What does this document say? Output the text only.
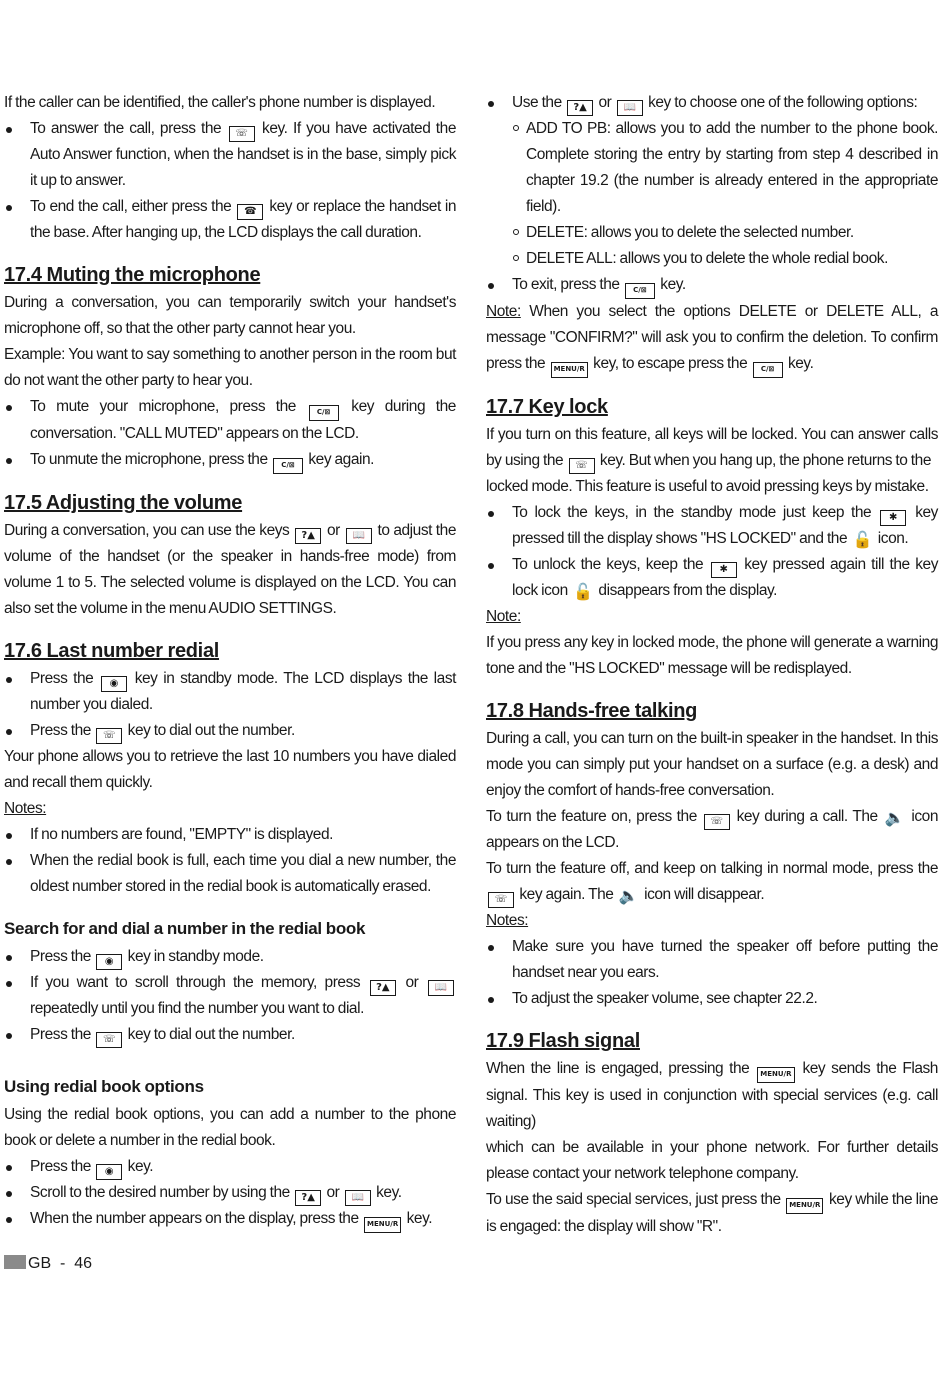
If the caller can be identified, the caller's phone number is displayed.

To answer the call, press the ☏ key. If you have activated the Auto Answer function, when the handset is in the base, simply pick it up to answer.
To end the call, either press the ☎ key or replace the handset in the base. After hanging up, the LCD displays the call duration.
17.4 Muting the microphone

During a conversation, you can temporarily switch your handset's microphone off, so that the other party cannot hear you.

Example: You want to say something to another person in the room but do not want the other party to hear you.

To mute your microphone, press the C/⊠ key during the conversation. "CALL MUTED" appears on the LCD.
To unmute the microphone, press the C/⊠ key again.
17.5 Adjusting the volume

During a conversation, you can use the keys ?▲ or 📖 to adjust the volume of the handset (or the speaker in hands-free mode) from volume 1 to 5. The selected volume is displayed on the LCD. You can also set the volume in the menu AUDIO SETTINGS.

17.6 Last number redial
Press the ◉ key in standby mode. The LCD displays the last number you dialed.
Press the ☏ key to dial out the number.

Your phone allows you to retrieve the last 10 numbers you have dialed and recall them quickly.

Notes:

If no numbers are found, "EMPTY" is displayed.
When the redial book is full, each time you dial a new number, the oldest number stored in the redial book is automatically erased.
Search for and dial a number in the redial book
Press the ◉ key in standby mode.
If you want to scroll through the memory, press ?▲ or 📖 repeatedly until you find the number you want to dial.
Press the ☏ key to dial out the number.
Using redial book options

Using the redial book options, you can add a number to the phone book or delete a number in the redial book.

Press the ◉ key.
Scroll to the desired number by using the ?▲ or 📖 key.
When the number appears on the display, press the MENU/R key.
Use the ?▲ or 📖 key to choose one of the following options:
ADD TO PB: allows you to add the number to the phone book. Complete storing the entry by starting from step 4 described in chapter 19.2 (the number is already entered in the appropriate field).
DELETE: allows you to delete the selected number.
DELETE ALL: allows you to delete the whole redial book.
To exit, press the C/⊠ key.

Note: When you select the options DELETE or DELETE ALL, a message "CONFIRM?" will ask you to confirm the deletion. To confirm press the MENU/R key, to escape press the C/⊠ key.

17.7 Key lock

If you turn on this feature, all keys will be locked. You can answer calls by using the ☏ key. But when you hang up, the phone returns to the

locked mode. This feature is useful to avoid pressing keys by mistake.

To lock the keys, in the standby mode just keep the ✱ key pressed till the display shows "HS LOCKED" and the 🔓 icon.
To unlock the keys, keep the ✱ key pressed again till the key lock icon 🔓 disappears from the display.

Note:

If you press any key in locked mode, the phone will generate a warning tone and the "HS LOCKED" message will be redisplayed.

17.8 Hands-free talking

During a call, you can turn on the built-in speaker in the handset. In this mode you can simply put your handset on a surface (e.g. a desk) and enjoy the comfort of hands-free conversation.

To turn the feature on, press the ☏ key during a call. The 🔈 icon appears on the LCD.

To turn the feature off, and keep on talking in normal mode, press the ☏ key again. The 🔈 icon will disappear.

Notes:

Make sure you have turned the speaker off before putting the handset near you ears.
To adjust the speaker volume, see chapter 22.2.
17.9 Flash signal

When the line is engaged, pressing the MENU/R key sends the Flash signal. This key is used in conjunction with special services (e.g. call waiting)

which can be available in your phone network. For further details please contact your network telephone company.

To use the said special services, just press the MENU/R key while the line is engaged: the display will show "R".

GB - 46
